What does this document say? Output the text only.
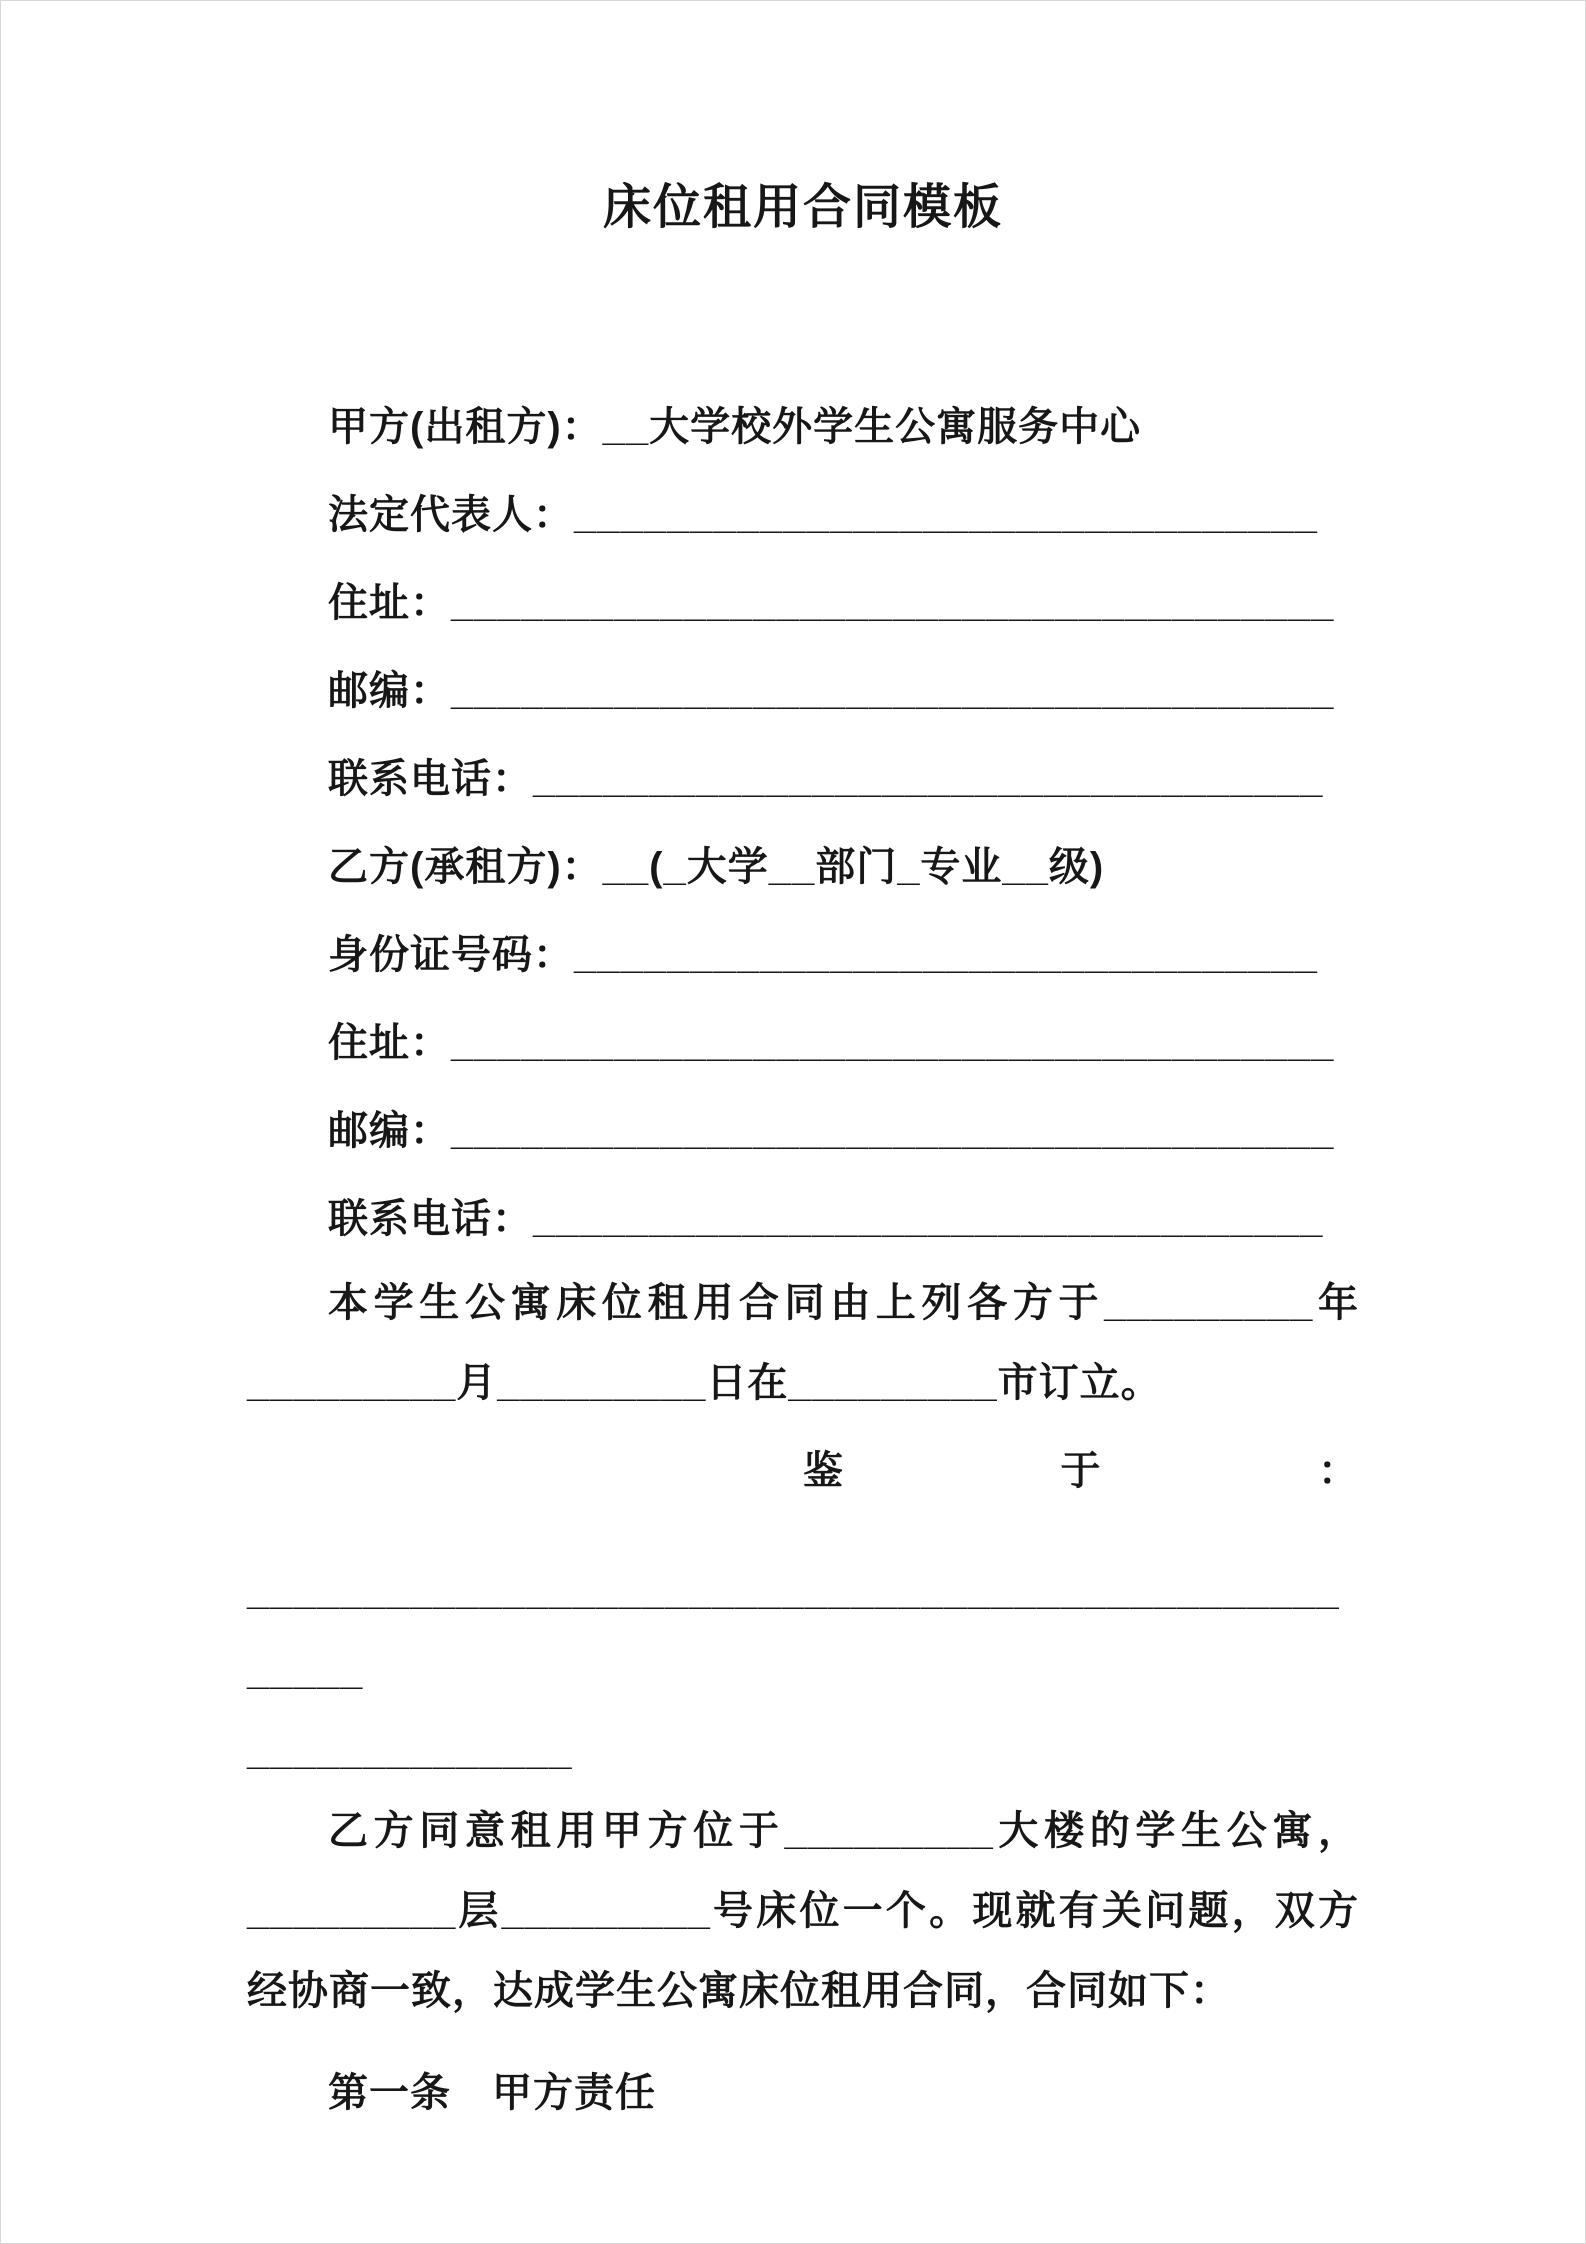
床位租用合同模板

甲方(出租方)：__大学校外学生公寓服务中心

法定代表人：________________________________

住址：______________________________________

邮编：______________________________________

联系电话：__________________________________

乙方(承租方)：__(_大学__部门_专业__级)

身份证号码：________________________________

住址：______________________________________

邮编：______________________________________

联系电话：__________________________________

本学生公寓床位租用合同由上列各方于_________年_________月_________日在_________市订立。

鉴	于	：

____________________________________________________

______________

乙方同意租用甲方位于_________大楼的学生公寓，_________层_________号床位一个。现就有关问题，双方经协商一致，达成学生公寓床位租用合同，合同如下：

第一条　甲方责任
